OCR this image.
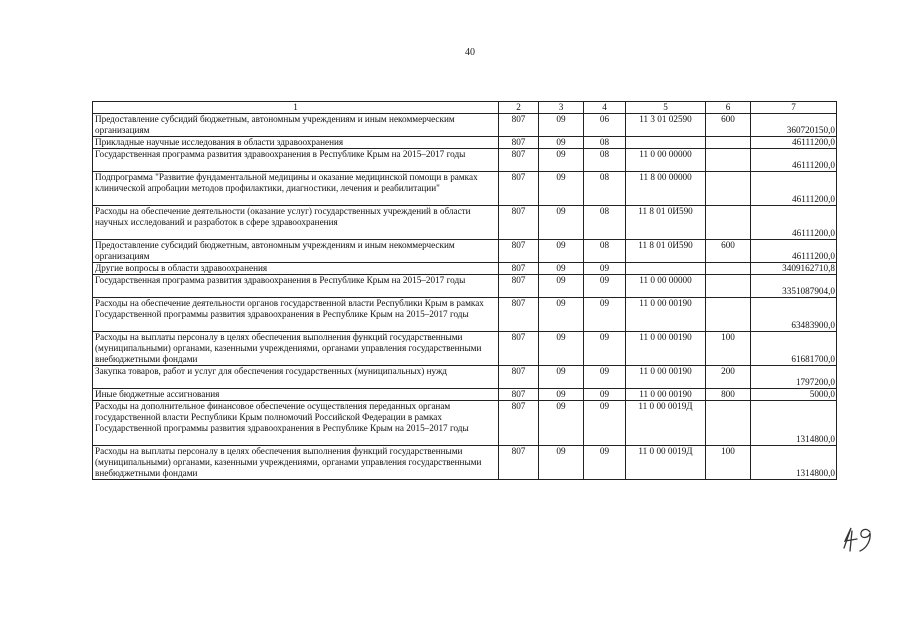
40
1	2	3	4	5	6	7
Предоставление субсидий бюджетным, автономным учреждениям и иным некоммерческим организациям	807	09	06	11 3 01 02590	600	360720150,0
Прикладные научные исследования в области здравоохранения	807	09	08			46111200,0
Государственная программа развития здравоохранения в Республике Крым на 2015–2017 годы	807	09	08	11 0 00 00000		46111200,0
Подпрограмма "Развитие фундаментальной медицины и оказание медицинской помощи в рамках клинической апробации методов профилактики, диагностики, лечения и реабилитации"	807	09	08	11 8 00 00000		46111200,0
Расходы на обеспечение деятельности (оказание услуг) государственных учреждений в области научных исследований и разработок в сфере здравоохранения	807	09	08	11 8 01 0И590		46111200,0
Предоставление субсидий бюджетным, автономным учреждениям и иным некоммерческим организациям	807	09	08	11 8 01 0И590	600	46111200,0
Другие вопросы в области здравоохранения	807	09	09			3409162710,8
Государственная программа развития здравоохранения в Республике Крым на 2015–2017 годы	807	09	09	11 0 00 00000		3351087904,0
Расходы на обеспечение деятельности органов государственной власти Республики Крым в рамках Государственной программы развития здравоохранения в Республике Крым на 2015–2017 годы	807	09	09	11 0 00 00190		63483900,0
Расходы на выплаты персоналу в целях обеспечения выполнения функций государственными (муниципальными) органами, казенными учреждениями, органами управления государственными внебюджетными фондами	807	09	09	11 0 00 00190	100	61681700,0
Закупка товаров, работ и услуг для обеспечения государственных (муниципальных) нужд	807	09	09	11 0 00 00190	200	1797200,0
Иные бюджетные ассигнования	807	09	09	11 0 00 00190	800	5000,0
Расходы на дополнительное финансовое обеспечение осуществления переданных органам государственной власти Республики Крым полномочий Российской Федерации в рамках Государственной программы развития здравоохранения в Республике Крым на 2015–2017 годы	807	09	09	11 0 00 0019Д		1314800,0
Расходы на выплаты персоналу в целях обеспечения выполнения функций государственными (муниципальными) органами, казенными учреждениями, органами управления государственными внебюджетными фондами	807	09	09	11 0 00 0019Д	100	1314800,0
